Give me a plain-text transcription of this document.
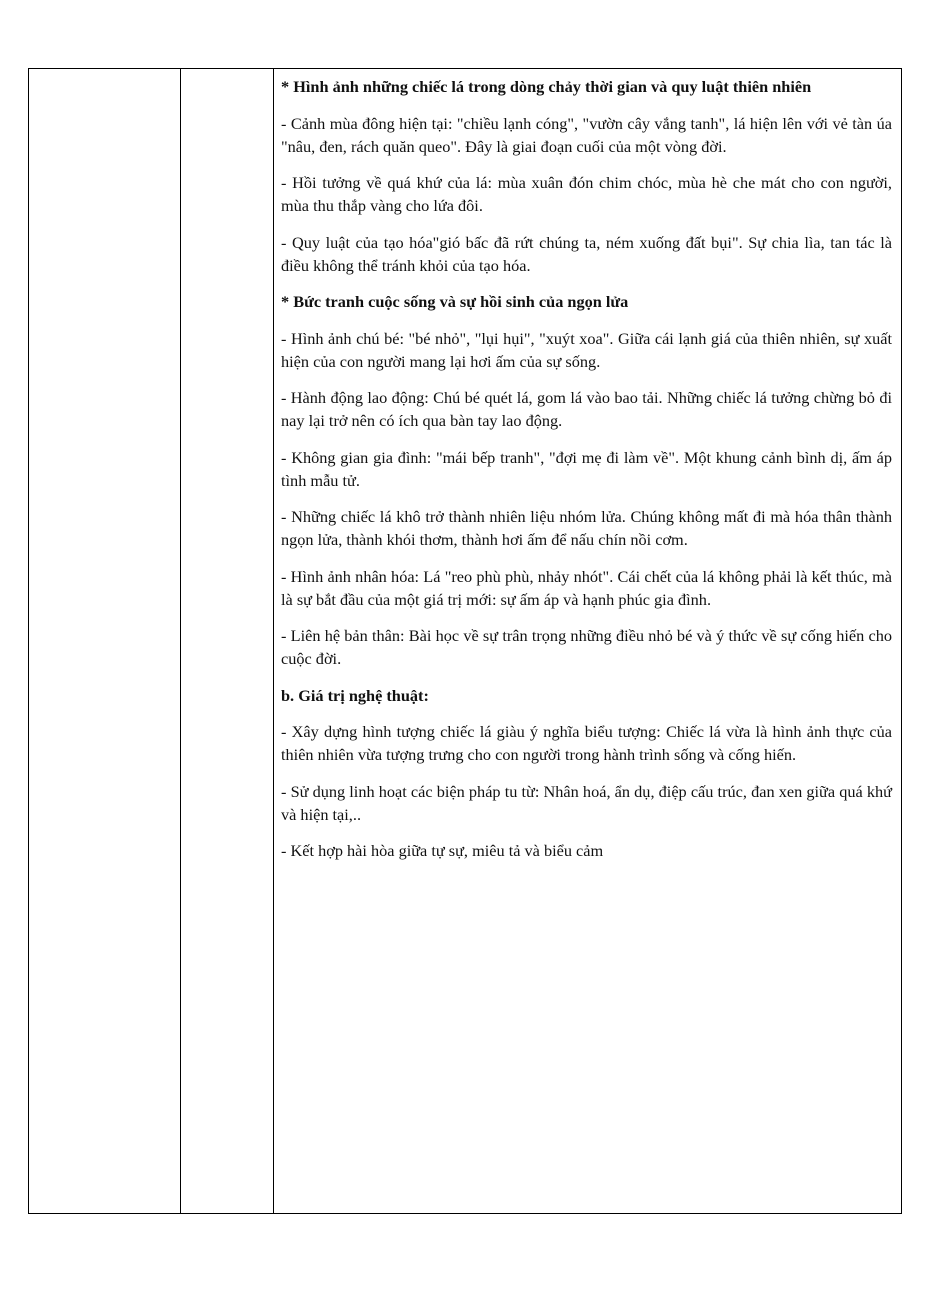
* Hình ảnh những chiếc lá trong dòng chảy thời gian và quy luật thiên nhiên

- Cảnh mùa đông hiện tại: "chiều lạnh cóng", "vườn cây vắng tanh", lá hiện lên với vẻ tàn úa "nâu, đen, rách quăn queo". Đây là giai đoạn cuối của một vòng đời.

- Hồi tưởng về quá khứ của lá: mùa xuân đón chim chóc, mùa hè che mát cho con người, mùa thu thắp vàng cho lứa đôi.

- Quy luật của tạo hóa"gió bấc đã rứt chúng ta, ném xuống đất bụi". Sự chia lìa, tan tác là điều không thể tránh khỏi của tạo hóa.

* Bức tranh cuộc sống và sự hồi sinh của ngọn lửa

- Hình ảnh chú bé: "bé nhỏ", "lụi hụi", "xuýt xoa". Giữa cái lạnh giá của thiên nhiên, sự xuất hiện của con người mang lại hơi ấm của sự sống.

- Hành động lao động: Chú bé quét lá, gom lá vào bao tải. Những chiếc lá tưởng chừng bỏ đi nay lại trở nên có ích qua bàn tay lao động.

- Không gian gia đình: "mái bếp tranh", "đợi mẹ đi làm về". Một khung cảnh bình dị, ấm áp tình mẫu tử.

- Những chiếc lá khô trở thành nhiên liệu nhóm lửa. Chúng không mất đi mà hóa thân thành ngọn lửa, thành khói thơm, thành hơi ấm để nấu chín nồi cơm.

- Hình ảnh nhân hóa: Lá "reo phù phù, nhảy nhót". Cái chết của lá không phải là kết thúc, mà là sự bắt đầu của một giá trị mới: sự ấm áp và hạnh phúc gia đình.

- Liên hệ bản thân: Bài học về sự trân trọng những điều nhỏ bé và ý thức về sự cống hiến cho cuộc đời.

b. Giá trị nghệ thuật:

- Xây dựng hình tượng chiếc lá giàu ý nghĩa biểu tượng: Chiếc lá vừa là hình ảnh thực của thiên nhiên vừa tượng trưng cho con người trong hành trình sống và cống hiến.

- Sử dụng linh hoạt các biện pháp tu từ: Nhân hoá, ẩn dụ, điệp cấu trúc, đan xen giữa quá khứ và hiện tại,..

- Kết hợp hài hòa giữa tự sự, miêu tả và biểu cảm
